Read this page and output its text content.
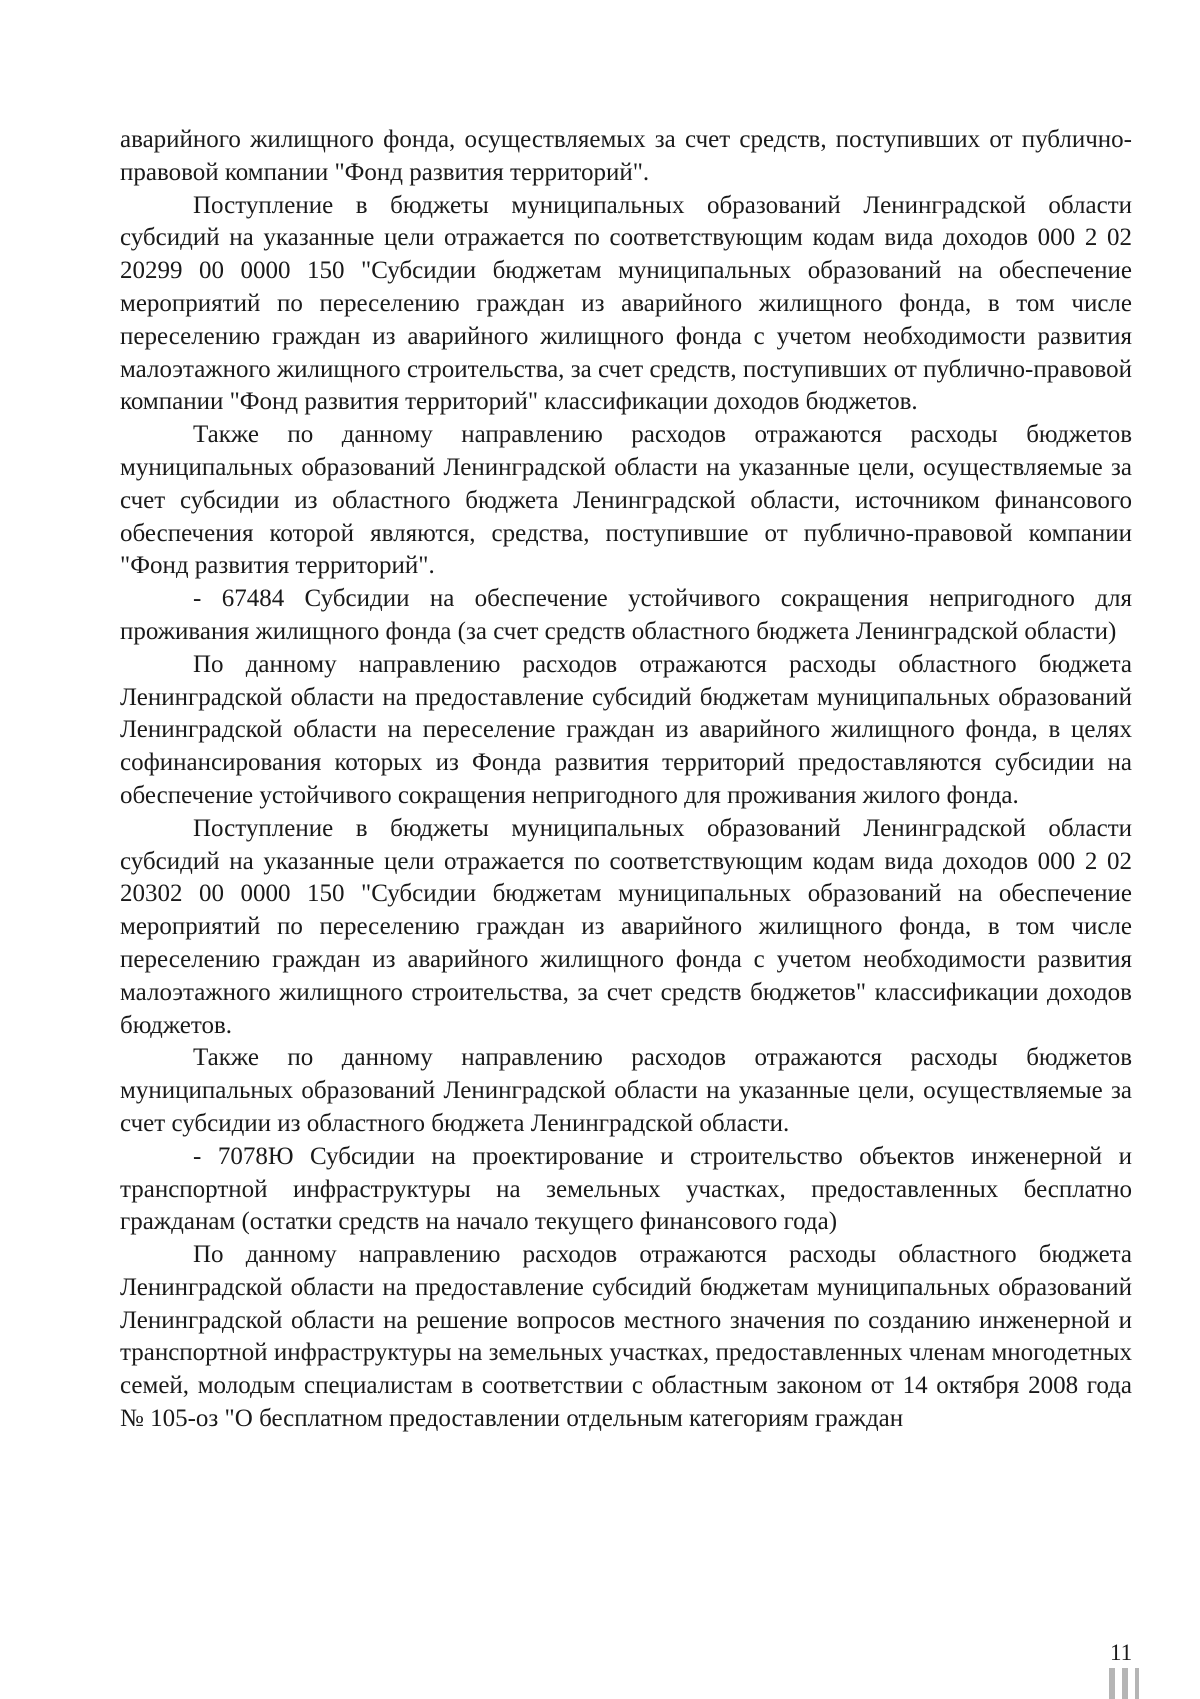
аварийного жилищного фонда, осуществляемых за счет средств, поступивших от публично-правовой компании "Фонд развития территорий".

Поступление в бюджеты муниципальных образований Ленинградской области субсидий на указанные цели отражается по соответствующим кодам вида доходов 000 2 02 20299 00 0000 150 "Субсидии бюджетам муниципальных образований на обеспечение мероприятий по переселению граждан из аварийного жилищного фонда, в том числе переселению граждан из аварийного жилищного фонда с учетом необходимости развития малоэтажного жилищного строительства, за счет средств, поступивших от публично-правовой компании "Фонд развития территорий" классификации доходов бюджетов.

Также по данному направлению расходов отражаются расходы бюджетов муниципальных образований Ленинградской области на указанные цели, осуществляемые за счет субсидии из областного бюджета Ленинградской области, источником финансового обеспечения которой являются, средства, поступившие от публично-правовой компании "Фонд развития территорий".

- 67484 Субсидии на обеспечение устойчивого сокращения непригодного для проживания жилищного фонда (за счет средств областного бюджета Ленинградской области)

По данному направлению расходов отражаются расходы областного бюджета Ленинградской области на предоставление субсидий бюджетам муниципальных образований Ленинградской области на переселение граждан из аварийного жилищного фонда, в целях софинансирования которых из Фонда развития территорий предоставляются субсидии на обеспечение устойчивого сокращения непригодного для проживания жилого фонда.

Поступление в бюджеты муниципальных образований Ленинградской области субсидий на указанные цели отражается по соответствующим кодам вида доходов 000 2 02 20302 00 0000 150 "Субсидии бюджетам муниципальных образований на обеспечение мероприятий по переселению граждан из аварийного жилищного фонда, в том числе переселению граждан из аварийного жилищного фонда с учетом необходимости развития малоэтажного жилищного строительства, за счет средств бюджетов" классификации доходов бюджетов.

Также по данному направлению расходов отражаются расходы бюджетов муниципальных образований Ленинградской области на указанные цели, осуществляемые за счет субсидии из областного бюджета Ленинградской области.

- 7078Ю Субсидии на проектирование и строительство объектов инженерной и транспортной инфраструктуры на земельных участках, предоставленных бесплатно гражданам (остатки средств на начало текущего финансового года)

По данному направлению расходов отражаются расходы областного бюджета Ленинградской области на предоставление субсидий бюджетам муниципальных образований Ленинградской области на решение вопросов местного значения по созданию инженерной и транспортной инфраструктуры на земельных участках, предоставленных членам многодетных семей, молодым специалистам в соответствии с областным законом от 14 октября 2008 года № 105-оз "О бесплатном предоставлении отдельным категориям граждан

11
